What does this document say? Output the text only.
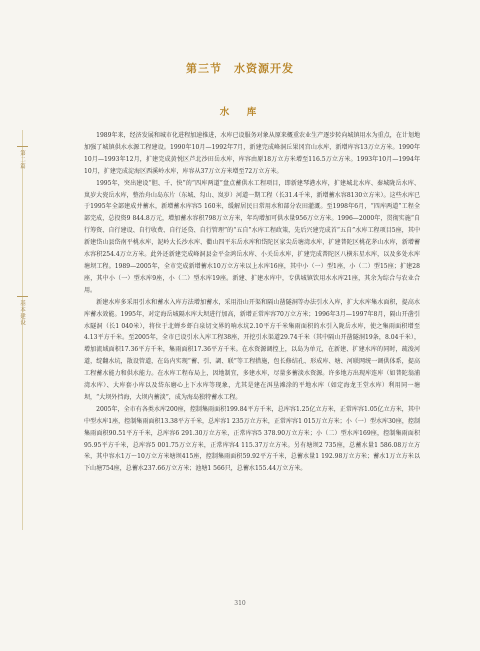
第二篇
基本建设
第三节　水资源开发
水　库

1989年来，经济发展和城市化进程加速推进，水库已设服务对象从原来概重农业生产逐步转向城镇用水为重点，在计划地加强了城镇供水水源工程建设。1990年10月—1992年7月，新建完成峰洞丘果冈宫山水库，新增库容13万立方米。1990年10月—1993年12月，扩建完成黄悦区芦北沙田岳水库，库容由原18万立方米增至116.5万立方米。1993年10月—1994年10月，扩建完成淀海区西溪岭水库，库容从37万立方米增至72万立方米。

1995年，突出建设“胆、千、快”的“四库两道”盘点蓄供水工程项目，即新建琴港水库，扩建城北水库、秦城陇岳水库、岚岁大瓷岳水库，整治舟山岛东片（东城、勾山、岚岁）河道一期工程（长31.4千米，新增蓄水容8130立方米）。这些水库已于1995年全部建成并蓄水，新增蓄水库容5 160米，缓解居民日常用水和部分农田灌溉。至1998年6月，“四库两道”工程全部完成，总投资9 844.8万元，增加蓄水容积798万立方米，年均增加可供水量956万立方米。1996—2000年，贯彻实施“自行筹资、自行建设、自行收费、自行还贷、自行管理”的“五自”水库工程政策，先后兴建完成首“五自”水库工程项目5座，其中新建岱山县岱南平桃水库，泥岭大长沙水库、衢山四平东岳水库和岱陀区家尖岳塘湾水库，扩建普陀区桃花茅山水库，新增蓄水容积254.4万立方米。此外还新建完成峰洞县金平金鸿岳水库、小关岳水库，扩建完成普陀区八横东星水库，以及多处水库塘坝工程。1989—2005年，全市完成新增蓄水10万立方米以上水库16座，其中小（一）型1座，小（二）型15座；扩建28座，其中小（一）型水库9座，小（二）型水库19座。新建、扩建水库中，专供城镇饮用水水库21座，其余为综合与农业合用。

新建水库多采用引水和蓄水入库方法增加蓄水，采用沿山开渠和隔山凿隧洞等办法引水入库，扩大水库集水面积，提高水库蓄水效能。1995年，对定海岳城隔水库大坝进行加高，新增正常库容70万立方米；1996年3月—1997年8月，隔山开凿引水隧洞（长1 040米），将位于北蝉乡虾白泉切文界的响水坑2.10平方千米集雨面积的水引入陇岳水库，使之集雨面积增至4.13平方千米。至2005年，全市已设引水入库工程38座，开挖引水渠道29.74千米（其中隔山开凿隧洞19条，8.04千米），增加流域面积17.36平方千米，集雨面积17.36平方千米。在水资源调控上，以岛为单元，在新建、扩建水库的同时，疏浚河道，绽翻水坑，散设管道，在岛内实现“蓄、引、調、联”等工程措施，包长修结孔、形成库、塘、河联网统一调供体系，提高工程蓄水能力和供水能力。在水库工程布局上，因地制宜，多建水库，尽量多蓄淡水资源。许多地方出现库连库（如普陀翁浦湾水库）、大库套小库以及岱东磨心上下水库等现象，尤其是建在洱垦滩涂的平地水库（如定海龙王堂水库）利用同一塘坝，“大坝外挡海，大坝内蓄淡”，成为海岛独特蓄水工程。

2005年，全市有各类水库200座，控制集雨面积199.84平方千米，总库容1.25亿立方米，正常库容1.05亿立方米，其中中型水库1座，控制集雨面积13.38平方千米，总库容1 235万立方米，正常库容1 015万立方米；小（一）型水库30座，控制集雨面积90.51平方千米，总库容6 291.30万立方米，正常库容5 378.90万立方米；小（二）型水库169座，控制集雨面积95.95平方千米，总库容5 001.75万立方米，正常库容4 115.37万立方米。另有塘坝2 735座，总蓄水量1 586.08万立方米，其中容水1万～10万立方米塘坝415座，控制集雨面积59.92平方千米，总蓄水量1 192.98万立方米；蓄水1万立方米以下山塘754座，总蓄水237.66万立方米；池塘1 566只，总蓄水155.44万立方米。

310
